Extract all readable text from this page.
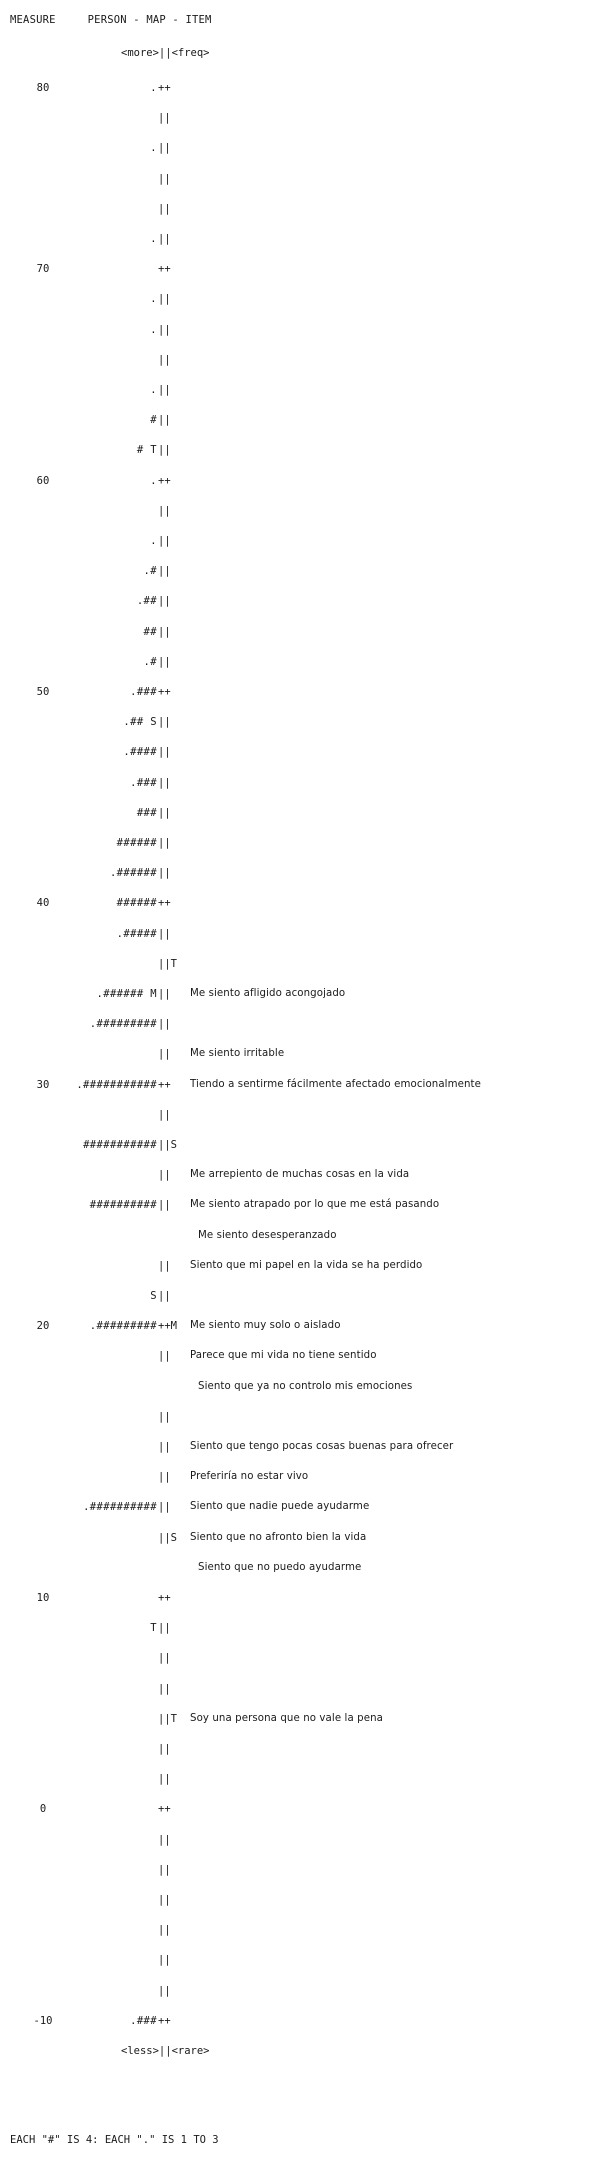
MEASURE	PERSON - MAP - ITEM
<more>||<freq>
80	. ++
||
. ||
||
||
. ||
70	++
. ||
. ||
||
. ||
# ||
# T ||
60	. ++
||
. ||
.# ||
.## ||
## ||
.# ||
50	.### ++
.## S ||
.#### ||
.### ||
### ||
###### ||
.###### ||
40	###### ++
.##### ||
||T
.###### M ||	Me siento afligido acongojado
.######### ||
||	Me siento irritable
30	.########### ++	Tiendo a sentirme fácilmente afectado emocionalmente
||
########### ||S
||	Me arrepiento de muchas cosas en la vida
########## ||	Me siento atrapado por lo que me está pasando
Me siento desesperanzado
||	Siento que mi papel en la vida se ha perdido
S ||
20	.######### ++M	Me siento muy solo o aislado
||	Parece que mi vida no tiene sentido
Siento que ya no controlo mis emociones
||
||	Siento que tengo pocas cosas buenas para ofrecer
||	Preferiría no estar vivo
.########## ||	Siento que nadie puede ayudarme
||S	Siento que no afronto bien la vida
Siento que no puedo ayudarme
10	++
T ||
||
||
||T	Soy una persona que no vale la pena
||
||
0	++
||
||
||
||
||
||
-10	.### ++
<less>||<rare>
EACH "#" IS 4: EACH "." IS 1 TO 3
